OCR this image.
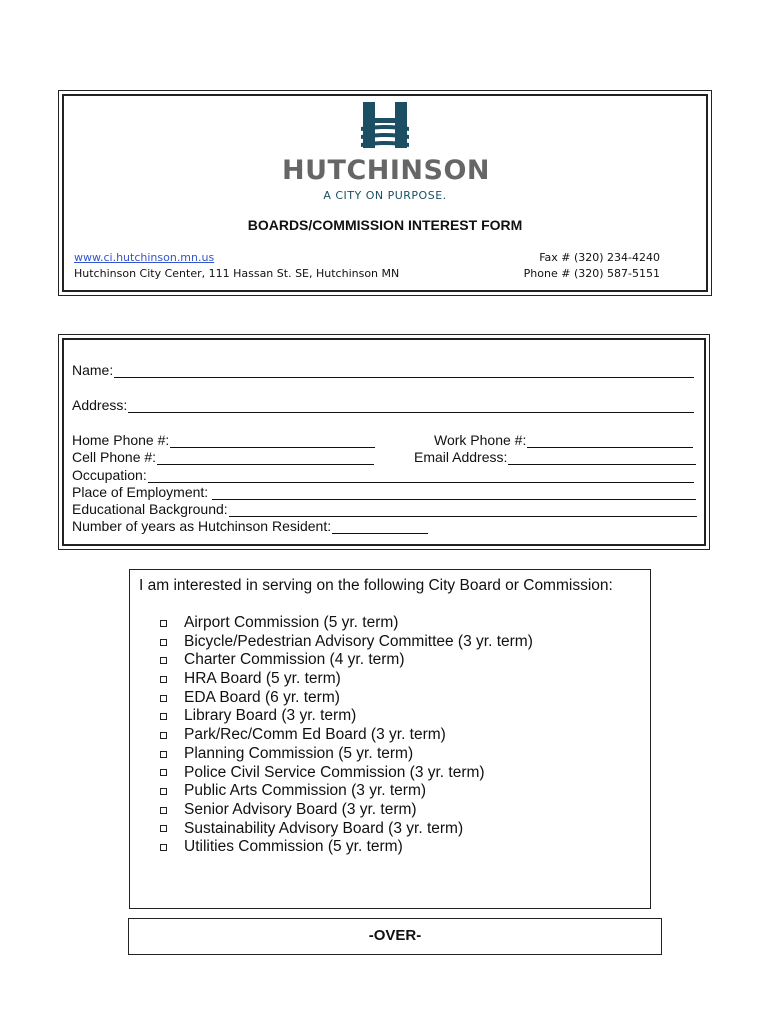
HUTCHINSON
A CITY ON PURPOSE.
BOARDS/COMMISSION INTEREST FORM
www.ci.hutchinson.mn.us
Hutchinson City Center, 111 Hassan St. SE, Hutchinson MN
Fax # (320) 234-4240
Phone # (320) 587-5151
Name:
Address:
Home Phone #:	Work Phone #:
Cell Phone #:	Email Address:
Occupation:
Place of Employment:
Educational Background:
Number of years as Hutchinson Resident:
I am interested in serving on the following City Board or Commission:
Airport Commission (5 yr. term)
Bicycle/Pedestrian Advisory Committee (3 yr. term)
Charter Commission (4 yr. term)
HRA Board (5 yr. term)
EDA Board (6 yr. term)
Library Board (3 yr. term)
Park/Rec/Comm Ed Board (3 yr. term)
Planning Commission (5 yr. term)
Police Civil Service Commission (3 yr. term)
Public Arts Commission (3 yr. term)
Senior Advisory Board (3 yr. term)
Sustainability Advisory Board (3 yr. term)
Utilities Commission (5 yr. term)
-OVER-
